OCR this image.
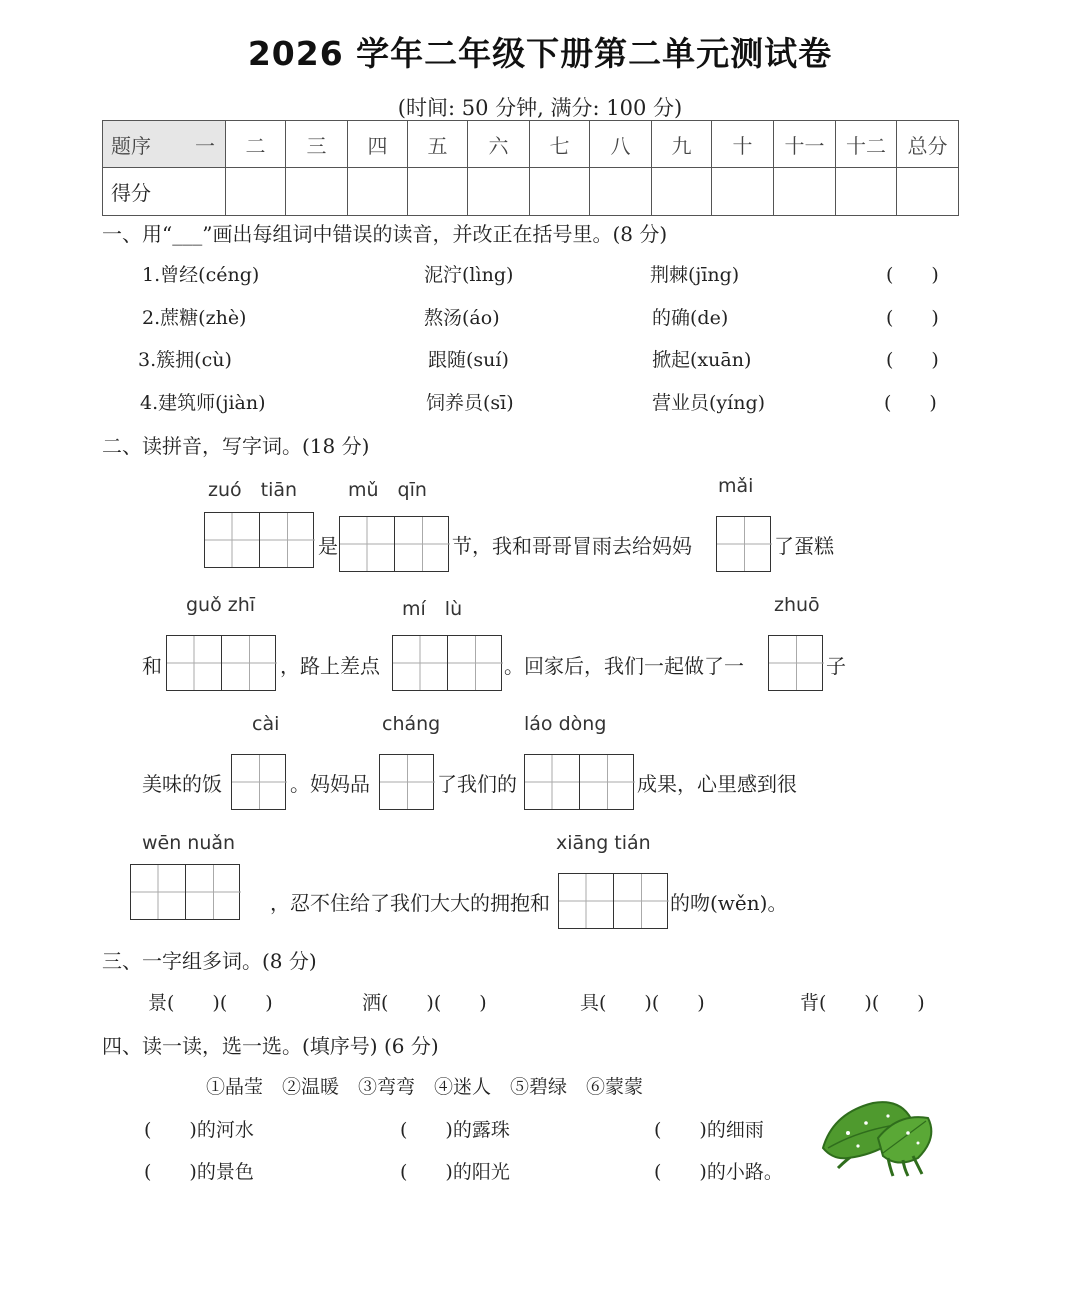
2026 学年二年级下册第二单元测试卷
(时间: 50 分钟, 满分: 100 分)
题序 一	二	三	四	五	六	七	八	九	十	十一	十二	总分
得分												
一、用“___”画出每组词中错误的读音，并改正在括号里。(8 分)
1.曾经(céng)	泥泞(lìng)	荆棘(jīng)	(　　)
2.蔗糖(zhè)	熬汤(áo)	的确(de)	(　　)
3.簇拥(cù)	跟随(suí)	掀起(xuān)	(　　)
4.建筑师(jiàn)	饲养员(sī)	营业员(yíng)	(　　)
二、读拼音，写字词。(18 分)
zuó　tiān	mǔ　qīn	mǎi
是	节，我和哥哥冒雨去给妈妈	了蛋糕
guǒ zhī	mí　lù	zhuō
和	，路上差点	。回家后，我们一起做了一	子
cài	cháng	láo dòng
美味的饭	。妈妈品	了我们的	成果，心里感到很
wēn nuǎn	xiāng tián
，忍不住给了我们大大的拥抱和	的吻(wěn)。
三、一字组多词。(8 分)
景(　　)(　　)	洒(　　)(　　)	具(　　)(　　)	背(　　)(　　)
四、读一读，选一选。(填序号) (6 分)
①晶莹　②温暖　③弯弯　④迷人　⑤碧绿　⑥蒙蒙
(　　)的河水	(　　)的露珠	(　　)的细雨
(　　)的景色	(　　)的阳光	(　　)的小路。
